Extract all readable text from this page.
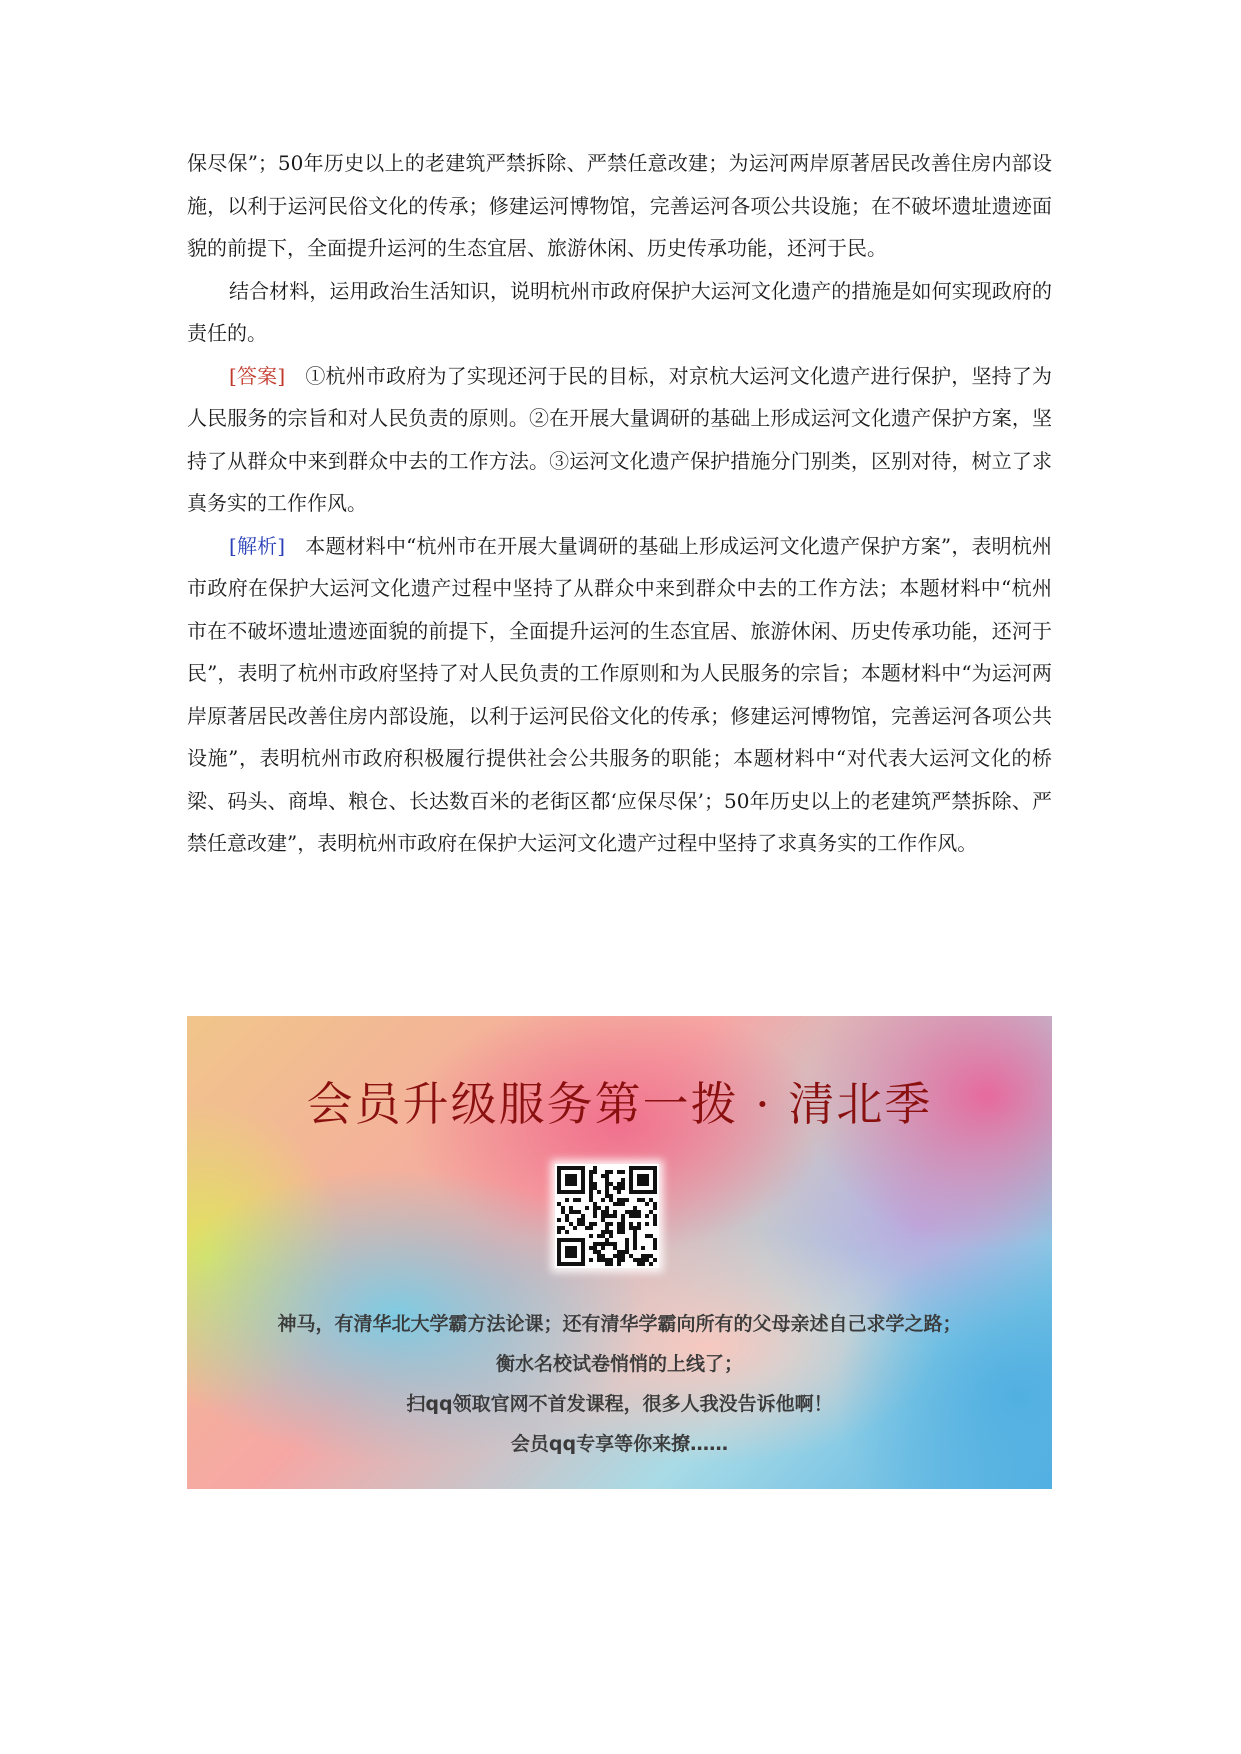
保尽保”；50年历史以上的老建筑严禁拆除、严禁任意改建；为运河两岸原著居民改善住房内部设施，以利于运河民俗文化的传承；修建运河博物馆，完善运河各项公共设施；在不破坏遗址遗迹面貌的前提下，全面提升运河的生态宜居、旅游休闲、历史传承功能，还河于民。

结合材料，运用政治生活知识，说明杭州市政府保护大运河文化遗产的措施是如何实现政府的责任的。

[答案] ①杭州市政府为了实现还河于民的目标，对京杭大运河文化遗产进行保护，坚持了为人民服务的宗旨和对人民负责的原则。②在开展大量调研的基础上形成运河文化遗产保护方案，坚持了从群众中来到群众中去的工作方法。③运河文化遗产保护措施分门别类，区别对待，树立了求真务实的工作作风。

[解析] 本题材料中“杭州市在开展大量调研的基础上形成运河文化遗产保护方案”，表明杭州市政府在保护大运河文化遗产过程中坚持了从群众中来到群众中去的工作方法；本题材料中“杭州市在不破坏遗址遗迹面貌的前提下，全面提升运河的生态宜居、旅游休闲、历史传承功能，还河于民”，表明了杭州市政府坚持了对人民负责的工作原则和为人民服务的宗旨；本题材料中“为运河两岸原著居民改善住房内部设施，以利于运河民俗文化的传承；修建运河博物馆，完善运河各项公共设施”，表明杭州市政府积极履行提供社会公共服务的职能；本题材料中“对代表大运河文化的桥梁、码头、商埠、粮仓、长达数百米的老街区都‘应保尽保’；50年历史以上的老建筑严禁拆除、严禁任意改建”，表明杭州市政府在保护大运河文化遗产过程中坚持了求真务实的工作作风。

会员升级服务第一拨 · 清北季

神马，有清华北大学霸方法论课；还有清华学霸向所有的父母亲述自己求学之路；

衡水名校试卷悄悄的上线了；

扫qq领取官网不首发课程，很多人我没告诉他啊！

会员qq专享等你来撩……
